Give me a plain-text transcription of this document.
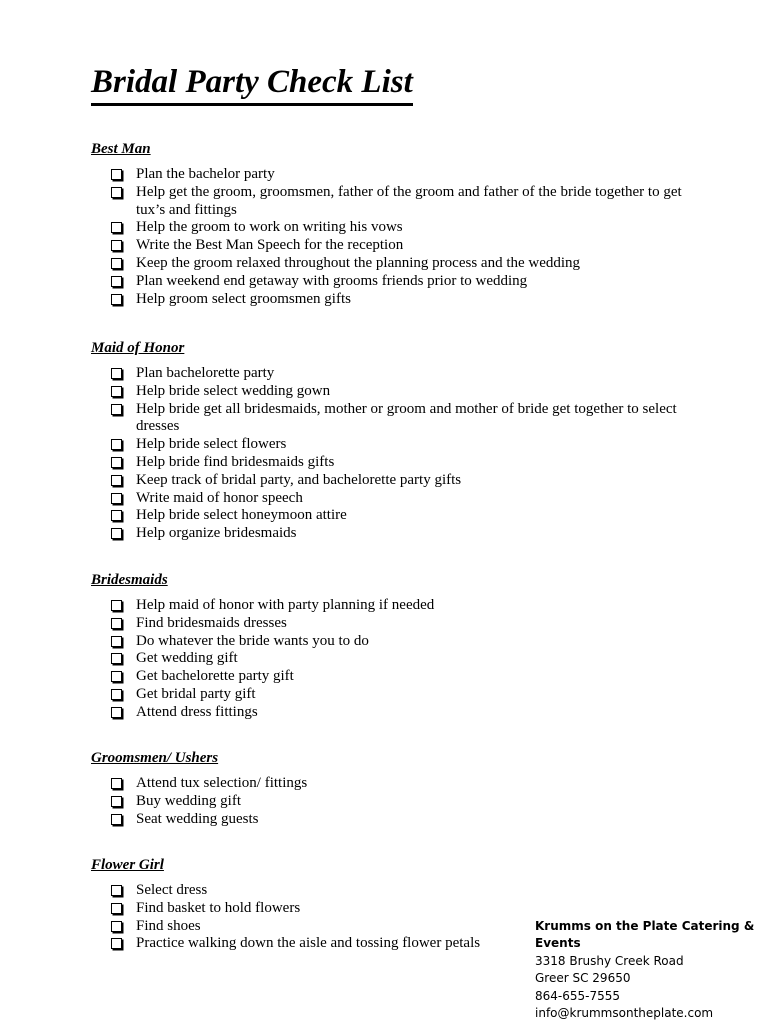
Bridal Party Check List
Best Man
Plan the bachelor party
Help get the groom, groomsmen, father of the groom and father of the bride together to get tux’s and fittings
Help the groom to work on writing his vows
Write the Best Man Speech for the reception
Keep the groom relaxed throughout the planning process and the wedding
Plan weekend end getaway with grooms friends prior to wedding
Help groom select groomsmen gifts
Maid of Honor
Plan bachelorette party
Help bride select wedding gown
Help bride get all bridesmaids, mother or groom and mother of bride get together to select dresses
Help bride select flowers
Help bride find bridesmaids gifts
Keep track of bridal party, and bachelorette party gifts
Write maid of honor speech
Help bride select honeymoon attire
Help organize bridesmaids
Bridesmaids
Help maid of honor with party planning if needed
Find bridesmaids dresses
Do whatever the bride wants you to do
Get wedding gift
Get bachelorette party gift
Get bridal party gift
Attend dress fittings
Groomsmen/ Ushers
Attend tux selection/ fittings
Buy wedding gift
Seat wedding guests
Flower Girl
Select dress
Find basket to hold flowers
Find shoes
Practice walking down the aisle and tossing flower petals
Krumms on the Plate Catering & Events
3318 Brushy Creek Road
Greer SC 29650
864-655-7555
info@krummsontheplate.com
